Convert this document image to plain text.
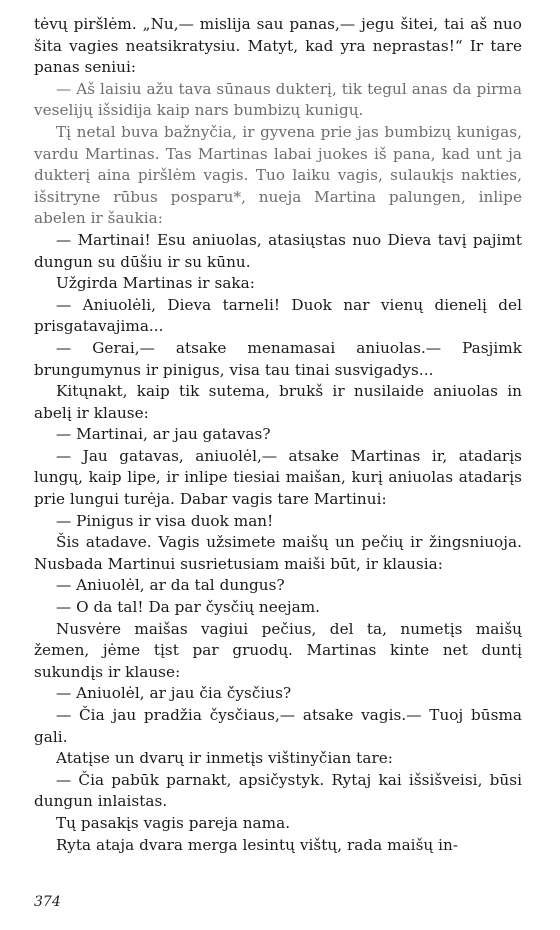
tėvų piršlėm. „Nu,— mislija sau panas,— jegu šitei, tai aš nuo šita vagies neatsikratysiu. Matyt, kad yra neprastas!“ Ir tare panas seniui:

— Aš laisiu ažu tava sūnaus dukterį, tik tegul anas da pirma veselijų išsidija kaip nars bumbizų kunigų.

Tį netal buva bažnyčia, ir gyvena prie jas bumbizų kunigas, vardu Martinas. Tas Martinas labai juokes iš pana, kad unt ja dukterį aina piršlėm vagis. Tuo laiku vagis, sulaukįs nakties, išsitryne rūbus posparu*, nueja Martina palungen, inlipe abelen ir šaukia:

— Martinai! Esu aniuolas, atasiųstas nuo Dieva tavį pajimt dungun su dūšiu ir su kūnu.

Užgirda Martinas ir saka:

— Aniuolėli, Dieva tarneli! Duok nar vienų dienelį del prisgatavajima...

— Gerai,— atsake menamasai aniuolas.— Pasjimk brungumynus ir pinigus, visa tau tinai susvigadys...

Kitųnakt, kaip tik sutema, brukš ir nusilaide aniuolas in abelį ir klause:

— Martinai, ar jau gatavas?

— Jau gatavas, aniuolėl,— atsake Martinas ir, atadarįs lungų, kaip lipe, ir inlipe tiesiai maišan, kurį aniuolas atadarįs prie lungui turėja. Dabar vagis tare Martinui:

— Pinigus ir visa duok man!

Šis atadave. Vagis užsimete maišų un pečių ir žingsniuoja. Nusbada Martinui susrietusiam maiši būt, ir klausia:

— Aniuolėl, ar da tal dungus?

— O da tal! Da par čysčių neejam.

Nusvėre maišas vagiui pečius, del ta, numetįs maišų žemen, jėme tįst par gruodų. Martinas kinte net duntį sukundįs ir klause:

— Aniuolėl, ar jau čia čysčius?

— Čia jau pradžia čysčiaus,— atsake vagis.— Tuoj būsma gali.

Atatįse un dvarų ir inmetįs vištinyčian tare:

— Čia pabūk parnakt, apsičystyk. Rytaj kai išsišveisi, būsi dungun inlaistas.

Tų pasakįs vagis pareja nama.

Ryta ataja dvara merga lesintų vištų, rada maišų in-

374
